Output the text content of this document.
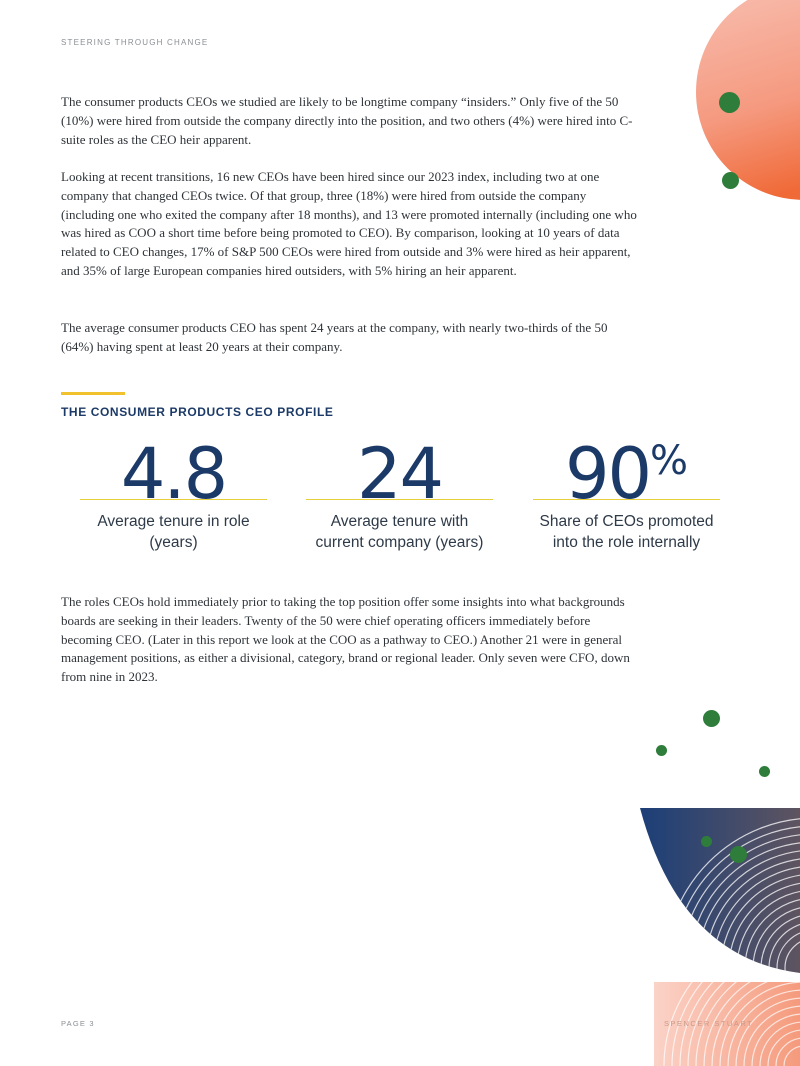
STEERING THROUGH CHANGE

The consumer products CEOs we studied are likely to be longtime company “insiders.” Only five of the 50 (10%) were hired from outside the company directly into the position, and two others (4%) were hired into C-suite roles as the CEO heir apparent.

Looking at recent transitions, 16 new CEOs have been hired since our 2023 index, including two at one company that changed CEOs twice. Of that group, three (18%) were hired from outside the company (including one who exited the company after 18 months), and 13 were promoted internally (including one who was hired as COO a short time before being promoted to CEO). By comparison, looking at 10 years of data related to CEO changes, 17% of S&P 500 CEOs were hired from outside and 3% were hired as heir apparent, and 35% of large European companies hired outsiders, with 5% hiring an heir apparent.

The average consumer products CEO has spent 24 years at the company, with nearly two-thirds of the 50 (64%) having spent at least 20 years at their company.

THE CONSUMER PRODUCTS CEO PROFILE
4.8
Average tenure in role (years)
24
Average tenure with current company (years)
90%
Share of CEOs promoted into the role internally

The roles CEOs hold immediately prior to taking the top position offer some insights into what backgrounds boards are seeking in their leaders. Twenty of the 50 were chief operating officers immediately before becoming CEO. (Later in this report we look at the COO as a pathway to CEO.) Another 21 were in general management positions, as either a divisional, category, brand or regional leader. Only seven were CFO, down from nine in 2023.

PAGE 3	SPENCER STUART
